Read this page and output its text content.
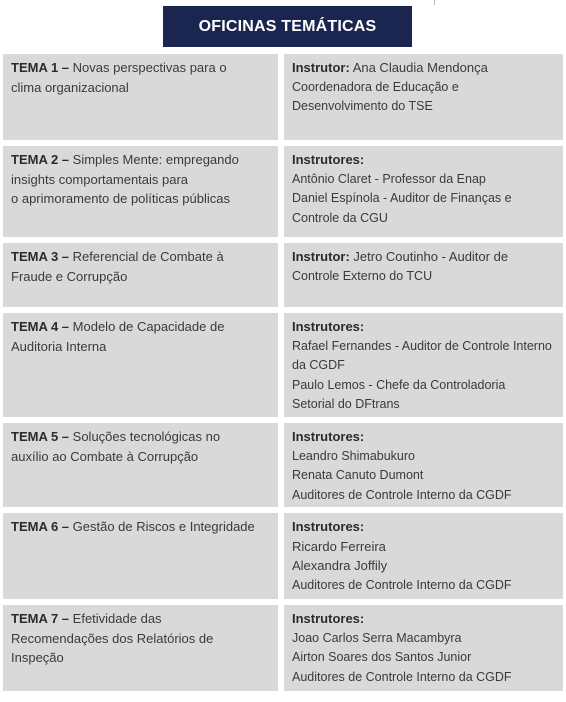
OFICINAS TEMÁTICAS
TEMA 1 – Novas perspectivas para o
clima organizacional
Instrutor: Ana Claudia Mendonça
Coordenadora de Educação e
Desenvolvimento do TSE
TEMA 2 – Simples Mente: empregando
insights comportamentais para
o aprimoramento de políticas públicas
Instrutores:
Antônio Claret - Professor da Enap
Daniel Espínola - Auditor de Finanças e
Controle da CGU
TEMA 3 – Referencial de Combate à
Fraude e Corrupção
Instrutor: Jetro Coutinho - Auditor de
Controle Externo do TCU
TEMA 4 – Modelo de Capacidade de
Auditoria Interna
Instrutores:
Rafael Fernandes - Auditor de Controle Interno
da CGDF
Paulo Lemos - Chefe da Controladoria
Setorial do DFtrans
TEMA 5 – Soluções tecnológicas no
auxílio ao Combate à Corrupção
Instrutores:
Leandro Shimabukuro
Renata Canuto Dumont
Auditores de Controle Interno da CGDF
TEMA 6 – Gestão de Riscos e Integridade	Instrutores:
Ricardo Ferreira
Alexandra Joffily
Auditores de Controle Interno da CGDF
TEMA 7 – Efetividade das
Recomendações dos Relatórios de
Inspeção
Instrutores:
Joao Carlos Serra Macambyra
Airton Soares dos Santos Junior
Auditores de Controle Interno da CGDF
